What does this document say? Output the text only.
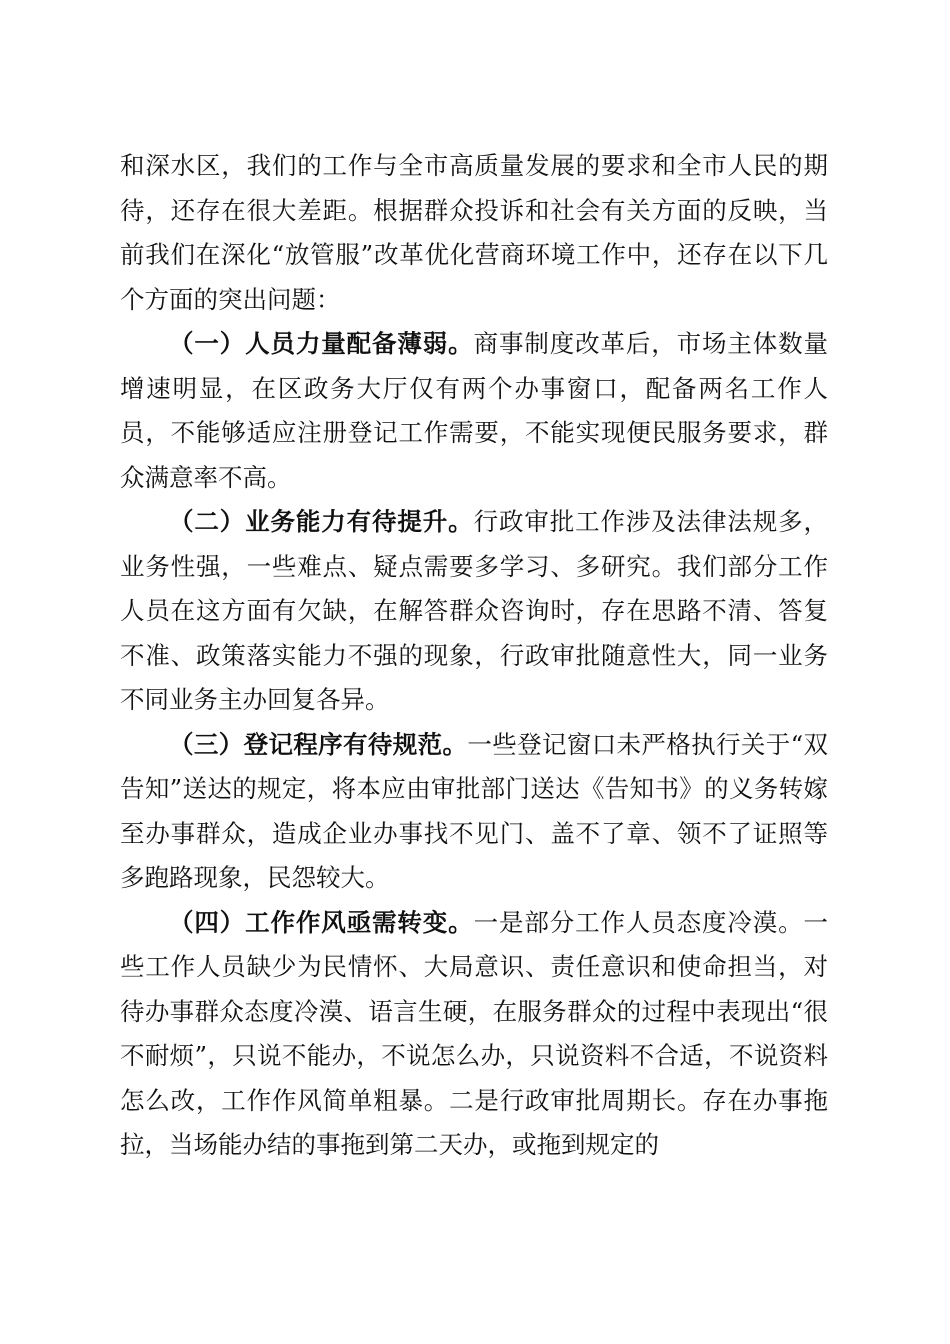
和深水区，我们的工作与全市高质量发展的要求和全市人民的期待，还存在很大差距。根据群众投诉和社会有关方面的反映，当前我们在深化“放管服”改革优化营商环境工作中，还存在以下几个方面的突出问题：

（一）人员力量配备薄弱。商事制度改革后，市场主体数量增速明显，在区政务大厅仅有两个办事窗口，配备两名工作人员，不能够适应注册登记工作需要，不能实现便民服务要求，群众满意率不高。

（二）业务能力有待提升。行政审批工作涉及法律法规多，业务性强，一些难点、疑点需要多学习、多研究。我们部分工作人员在这方面有欠缺，在解答群众咨询时，存在思路不清、答复不准、政策落实能力不强的现象，行政审批随意性大，同一业务不同业务主办回复各异。

（三）登记程序有待规范。一些登记窗口未严格执行关于“双告知”送达的规定，将本应由审批部门送达《告知书》的义务转嫁至办事群众，造成企业办事找不见门、盖不了章、领不了证照等多跑路现象，民怨较大。

（四）工作作风亟需转变。一是部分工作人员态度冷漠。一些工作人员缺少为民情怀、大局意识、责任意识和使命担当，对待办事群众态度冷漠、语言生硬，在服务群众的过程中表现出“很不耐烦”，只说不能办，不说怎么办，只说资料不合适，不说资料怎么改，工作作风简单粗暴。二是行政审批周期长。存在办事拖拉，当场能办结的事拖到第二天办，或拖到规定的
